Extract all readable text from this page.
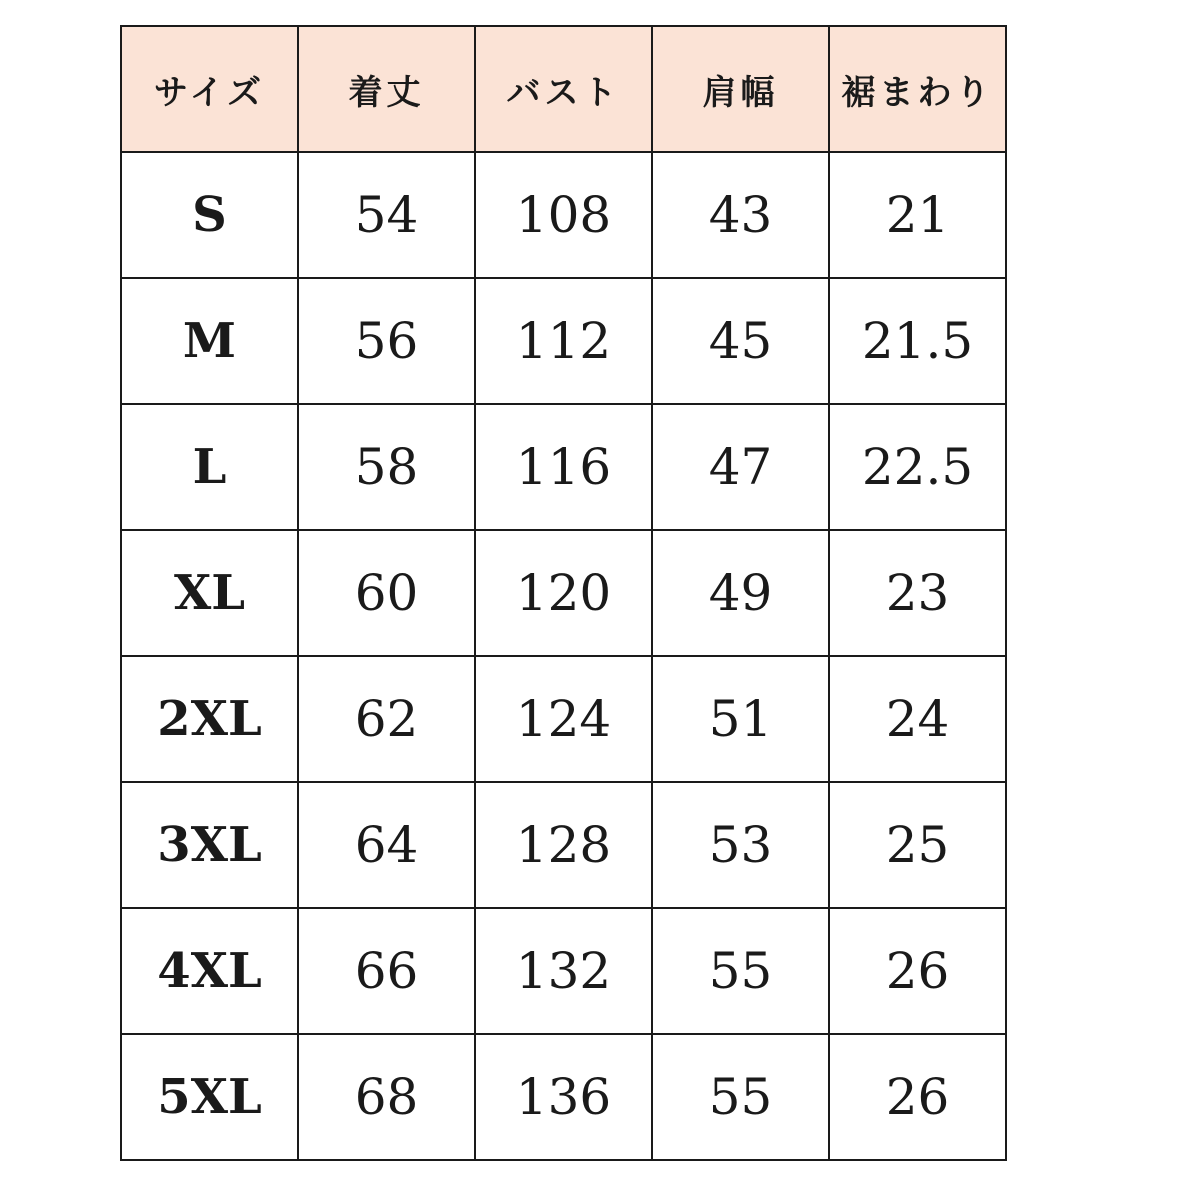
サイズ	着丈	バスト	肩幅	裾まわり
S	54	108	43	21
M	56	112	45	21.5
L	58	116	47	22.5
XL	60	120	49	23
2XL	62	124	51	24
3XL	64	128	53	25
4XL	66	132	55	26
5XL	68	136	55	26
